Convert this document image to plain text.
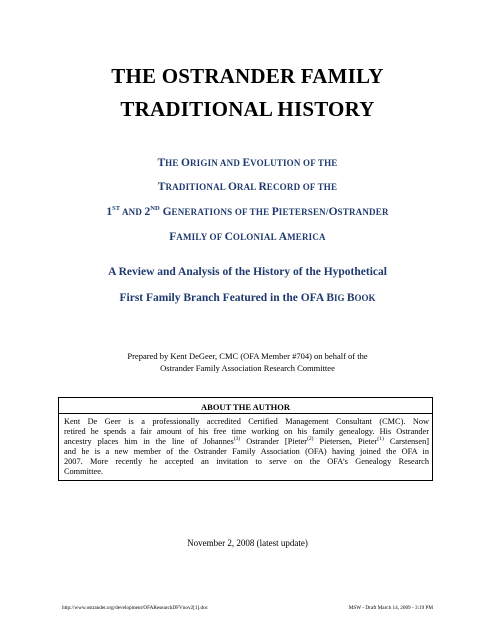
THE OSTRANDER FAMILY
TRADITIONAL HISTORY
THE ORIGIN AND EVOLUTION OF THE
TRADITIONAL ORAL RECORD OF THE
1ST AND 2ND GENERATIONS OF THE PIETERSEN/OSTRANDER
FAMILY OF COLONIAL AMERICA
A Review and Analysis of the History of the Hypothetical
First Family Branch Featured in the OFA BIG BOOK
Prepared by Kent DeGeer, CMC (OFA Member #704) on behalf of the
Ostrander Family Association Research Committee
ABOUT THE AUTHOR
Kent De Geer is a professionally accredited Certified Management Consultant (CMC). Now
retired he spends a fair amount of his free time working on his family genealogy. His Ostrander
ancestry places him in the line of Johannes$^{(3)}$ Ostrander [Pieter$^{(2)}$ Pietersen, Pieter$^{(1)}$ Carstensen]
and he is a new member of the Ostrander Family Association (OFA) having joined the OFA in
2007. More recently he accepted an invitation to serve on the OFA’s Genealogy Research
Committee.
November 2, 2008 (latest update)
http://www.ostrander.org/development/OFAResearchDFVnov2[1].doc	MSW - Draft March 14, 2009 - 3:19 PM
